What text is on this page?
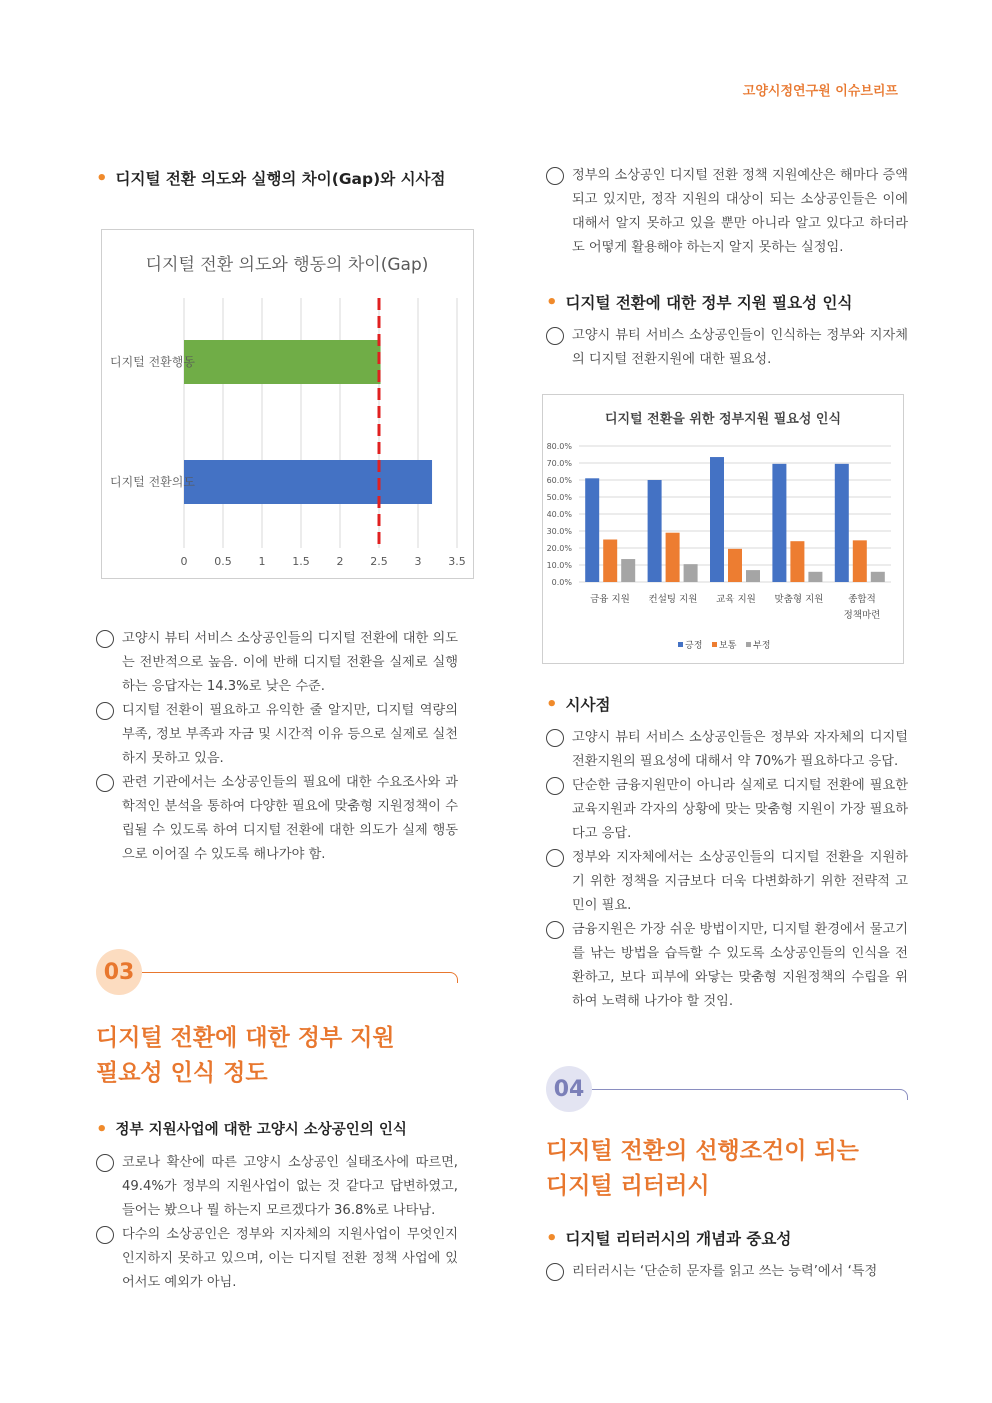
고양시정연구원 이슈브리프

• 디지털 전환 의도와 실행의 차이(Gap)와 시사점

디지털 전환 의도와 행동의 차이(Gap)
디지털 전환행동
디지털 전환의도
0 0.5 1 1.5 2 2.5 3 3.5
고양시 뷰티 서비스 소상공인들의 디지털 전환에 대한 의도는 전반적으로 높음. 이에 반해 디지털 전환을 실제로 실행하는 응답자는 14.3%로 낮은 수준.
디지털 전환이 필요하고 유익한 줄 알지만, 디지털 역량의 부족, 정보 부족과 자금 및 시간적 이유 등으로 실제로 실천하지 못하고 있음.
관련 기관에서는 소상공인들의 필요에 대한 수요조사와 과학적인 분석을 통하여 다양한 필요에 맞춤형 지원정책이 수립될 수 있도록 하여 디지털 전환에 대한 의도가 실제 행동으로 이어질 수 있도록 해나가야 함.
03

디지털 전환에 대한 정부 지원

필요성 인식 정도

• 정부 지원사업에 대한 고양시 소상공인의 인식

코로나 확산에 따른 고양시 소상공인 실태조사에 따르면, 49.4%가 정부의 지원사업이 없는 것 같다고 답변하였고, 들어는 봤으나 뭘 하는지 모르겠다가 36.8%로 나타남.
다수의 소상공인은 정부와 지자체의 지원사업이 무엇인지 인지하지 못하고 있으며, 이는 디지털 전환 정책 사업에 있어서도 예외가 아님.
정부의 소상공인 디지털 전환 정책 지원예산은 해마다 증액되고 있지만, 정작 지원의 대상이 되는 소상공인들은 이에 대해서 알지 못하고 있을 뿐만 아니라 알고 있다고 하더라도 어떻게 활용해야 하는지 알지 못하는 실정임.

• 디지털 전환에 대한 정부 지원 필요성 인식

고양시 뷰티 서비스 소상공인들이 인식하는 정부와 지자체의 디지털 전환지원에 대한 필요성.
디지털 전환을 위한 정부지원 필요성 인식
0.0%
10.0%
20.0%
30.0%
40.0%
50.0%
60.0%
70.0%
80.0%
금융 지원 컨설팅 지원 교육 지원 맞춤형 지원	종합적 정책마련
긍정 보통 부정

• 시사점

고양시 뷰티 서비스 소상공인들은 정부와 자자체의 디지털 전환지원의 필요성에 대해서 약 70%가 필요하다고 응답.
단순한 금융지원만이 아니라 실제로 디지털 전환에 필요한 교육지원과 각자의 상황에 맞는 맞춤형 지원이 가장 필요하다고 응답.
정부와 지자체에서는 소상공인들의 디지털 전환을 지원하기 위한 정책을 지금보다 더욱 다변화하기 위한 전략적 고민이 필요.
금융지원은 가장 쉬운 방법이지만, 디지털 환경에서 물고기를 낚는 방법을 습득할 수 있도록 소상공인들의 인식을 전환하고, 보다 피부에 와닿는 맞춤형 지원정책의 수립을 위하여 노력해 나가야 할 것임.
04

디지털 전환의 선행조건이 되는

디지털 리터러시

• 디지털 리터러시의 개념과 중요성

리터러시는 ‘단순히 문자를 읽고 쓰는 능력’에서 ‘특정
